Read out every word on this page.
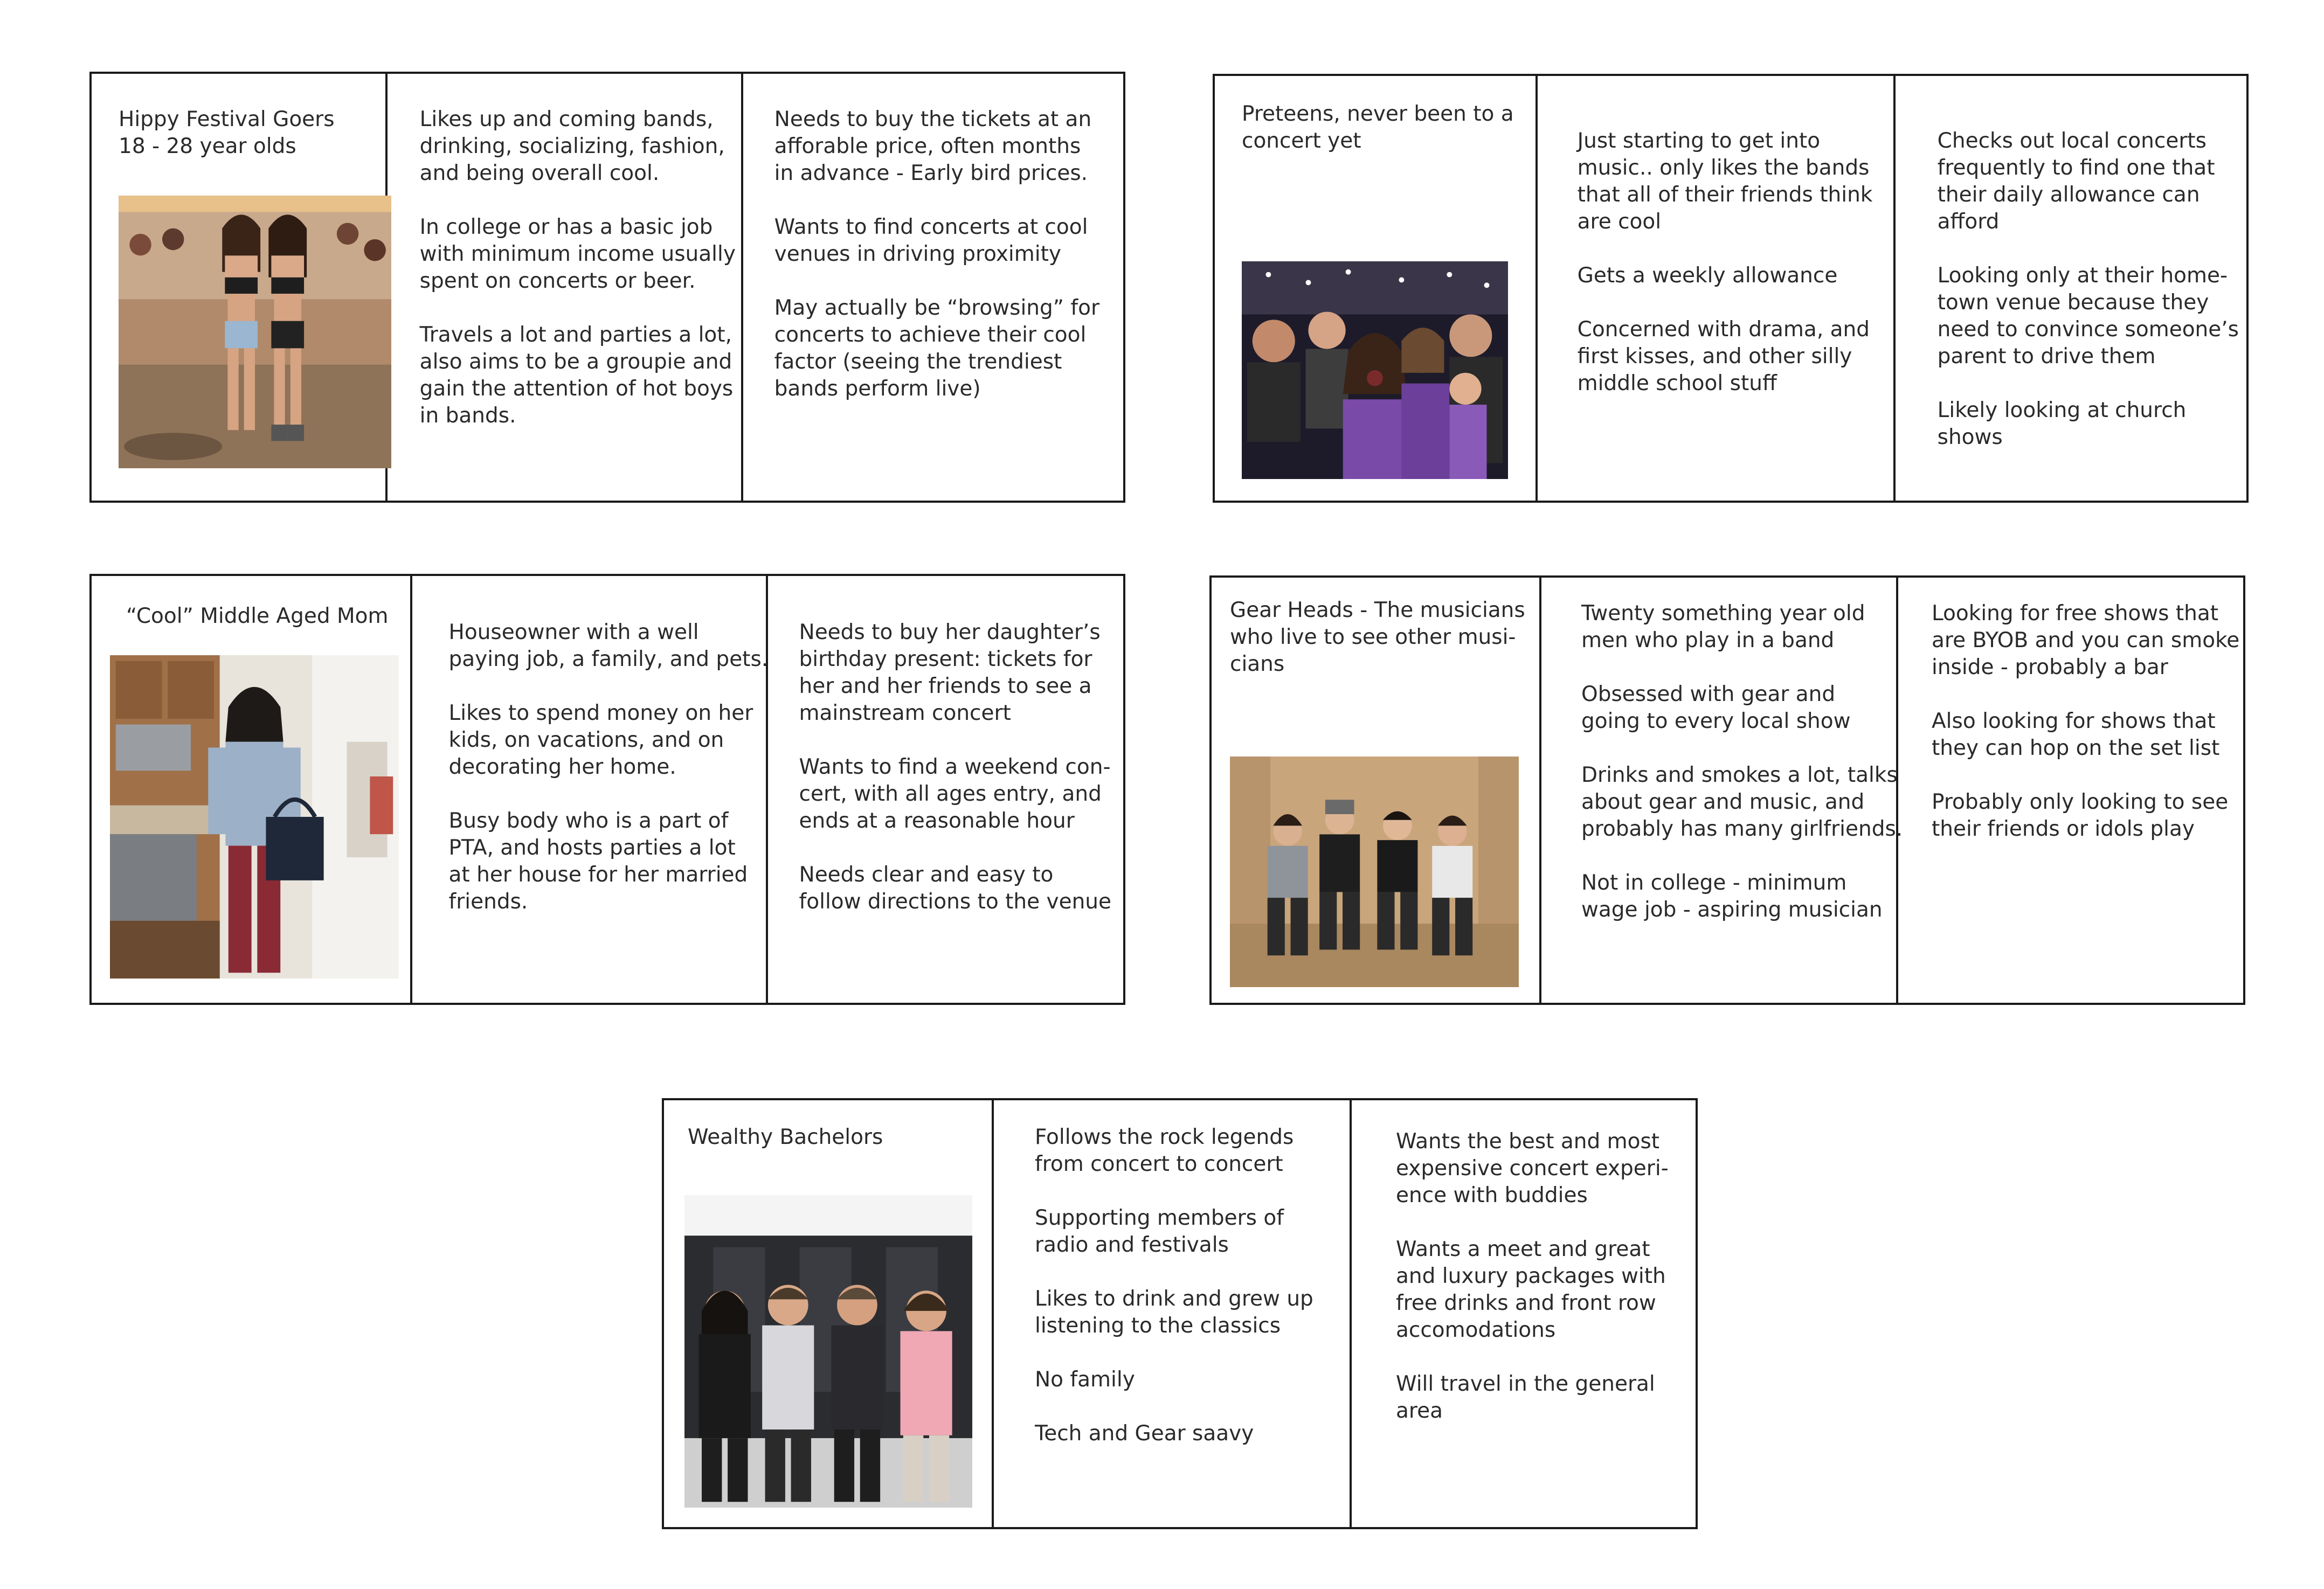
Hippy Festival Goers
18 - 28 year olds
Likes up and coming bands,
drinking, socializing, fashion,
and being overall cool.
In college or has a basic job
with minimum income usually
spent on concerts or beer.
Travels a lot and parties a lot,
also aims to be a groupie and
gain the attention of hot boys
in bands.
Needs to buy the tickets at an
afforable price, often months
in advance - Early bird prices.
Wants to find concerts at cool
venues in driving proximity
May actually be “browsing” for
concerts to achieve their cool
factor (seeing the trendiest
bands perform live)
Preteens, never been to a
concert yet	Just starting to get into
music.. only likes the bands
that all of their friends think
are cool
Gets a weekly allowance
Concerned with drama, and
first kisses, and other silly
middle school stuff
Checks out local concerts
frequently to find one that
their daily allowance can
afford
Looking only at their home-
town venue because they
need to convince someone’s
parent to drive them
Likely looking at church
shows
“Cool” Middle Aged Mom
Houseowner with a well
paying job, a family, and pets.
Likes to spend money on her
kids, on vacations, and on
decorating her home.
Busy body who is a part of
PTA, and hosts parties a lot
at her house for her married
friends.
Needs to buy her daughter’s
birthday present: tickets for
her and her friends to see a
mainstream concert
Wants to find a weekend con-
cert, with all ages entry, and
ends at a reasonable hour
Needs clear and easy to
follow directions to the venue
Gear Heads - The musicians
who live to see other musi-
cians
Twenty something year old
men who play in a band
Obsessed with gear and
going to every local show
Drinks and smokes a lot, talks
about gear and music, and
probably has many girlfriends.
Not in college - minimum
wage job - aspiring musician
Looking for free shows that
are BYOB and you can smoke
inside - probably a bar
Also looking for shows that
they can hop on the set list
Probably only looking to see
their friends or idols play
Wealthy Bachelors	Follows the rock legends
from concert to concert
Supporting members of
radio and festivals
Likes to drink and grew up
listening to the classics
No family
Tech and Gear saavy
Wants the best and most
expensive concert experi-
ence with buddies
Wants a meet and great
and luxury packages with
free drinks and front row
accomodations
Will travel in the general
area
